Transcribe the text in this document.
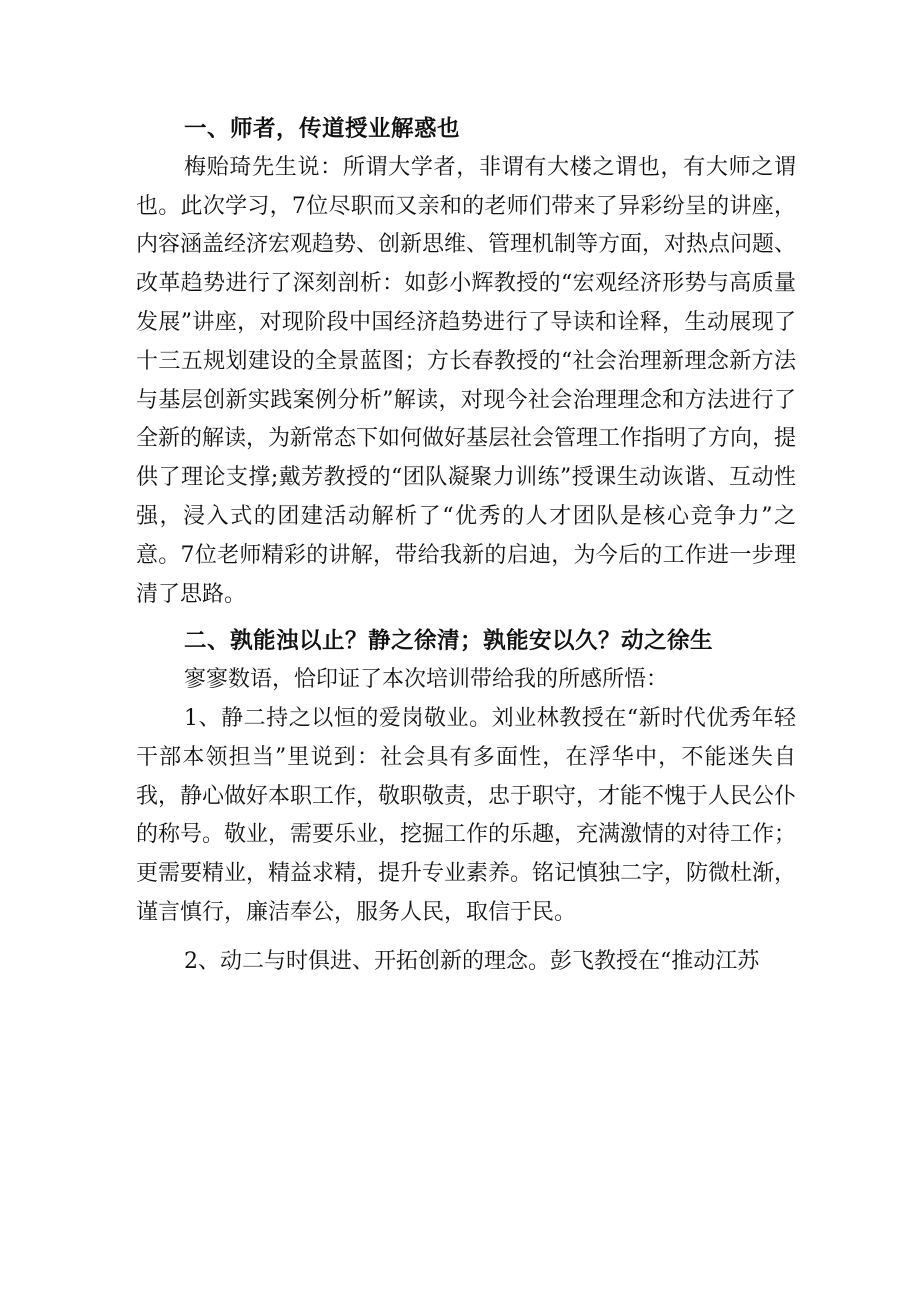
一、师者，传道授业解惑也

梅贻琦先生说：所谓大学者，非谓有大楼之谓也，有大师之谓也。此次学习，7位尽职而又亲和的老师们带来了异彩纷呈的讲座，内容涵盖经济宏观趋势、创新思维、管理机制等方面，对热点问题、改革趋势进行了深刻剖析：如彭小辉教授的“宏观经济形势与高质量发展”讲座，对现阶段中国经济趋势进行了导读和诠释，生动展现了十三五规划建设的全景蓝图；方长春教授的“社会治理新理念新方法与基层创新实践案例分析”解读，对现今社会治理理念和方法进行了全新的解读，为新常态下如何做好基层社会管理工作指明了方向，提供了理论支撑;戴芳教授的“团队凝聚力训练”授课生动诙谐、互动性强，浸入式的团建活动解析了“优秀的人才团队是核心竞争力”之意。7位老师精彩的讲解，带给我新的启迪，为今后的工作进一步理清了思路。

二、孰能浊以止？静之徐清；孰能安以久？动之徐生

寥寥数语，恰印证了本次培训带给我的所感所悟：

1、静二持之以恒的爱岗敬业。刘业林教授在“新时代优秀年轻干部本领担当”里说到：社会具有多面性，在浮华中，不能迷失自我，静心做好本职工作，敬职敬责，忠于职守，才能不愧于人民公仆的称号。敬业，需要乐业，挖掘工作的乐趣，充满激情的对待工作；更需要精业，精益求精，提升专业素养。铭记慎独二字，防微杜渐，谨言慎行，廉洁奉公，服务人民，取信于民。

2、动二与时俱进、开拓创新的理念。彭飞教授在“推动江苏
